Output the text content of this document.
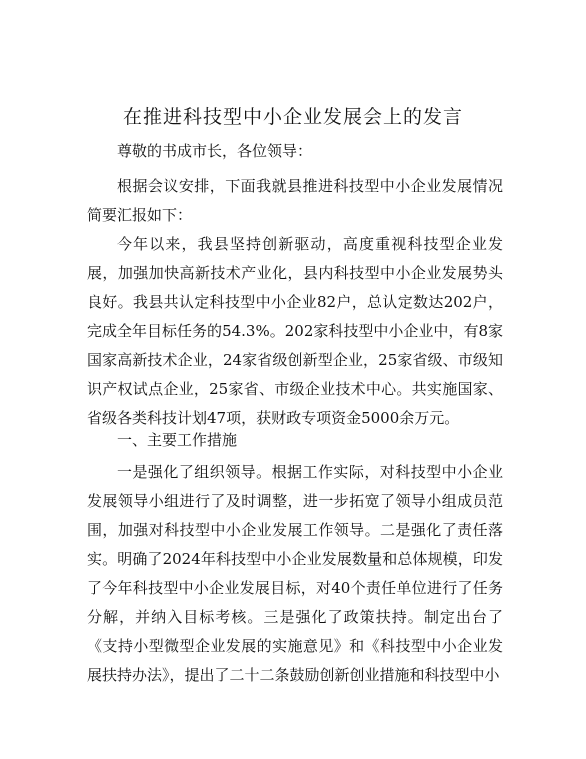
在推进科技型中小企业发展会上的发言

尊敬的书成市长，各位领导：

根据会议安排，下面我就县推进科技型中小企业发展情况简要汇报如下：

今年以来，我县坚持创新驱动，高度重视科技型企业发展，加强加快高新技术产业化，县内科技型中小企业发展势头良好。我县共认定科技型中小企业82户，总认定数达202户，完成全年目标任务的54.3%。202家科技型中小企业中，有8家国家高新技术企业，24家省级创新型企业，25家省级、市级知识产权试点企业，25家省、市级企业技术中心。共实施国家、省级各类科技计划47项，获财政专项资金5000余万元。

一、主要工作措施

一是强化了组织领导。根据工作实际，对科技型中小企业发展领导小组进行了及时调整，进一步拓宽了领导小组成员范围，加强对科技型中小企业发展工作领导。二是强化了责任落实。明确了2024年科技型中小企业发展数量和总体规模，印发了今年科技型中小企业发展目标，对40个责任单位进行了任务分解，并纳入目标考核。三是强化了政策扶持。制定出台了《支持小型微型企业发展的实施意见》和《科技型中小企业发展扶持办法》，提出了二十二条鼓励创新创业措施和科技型中小
